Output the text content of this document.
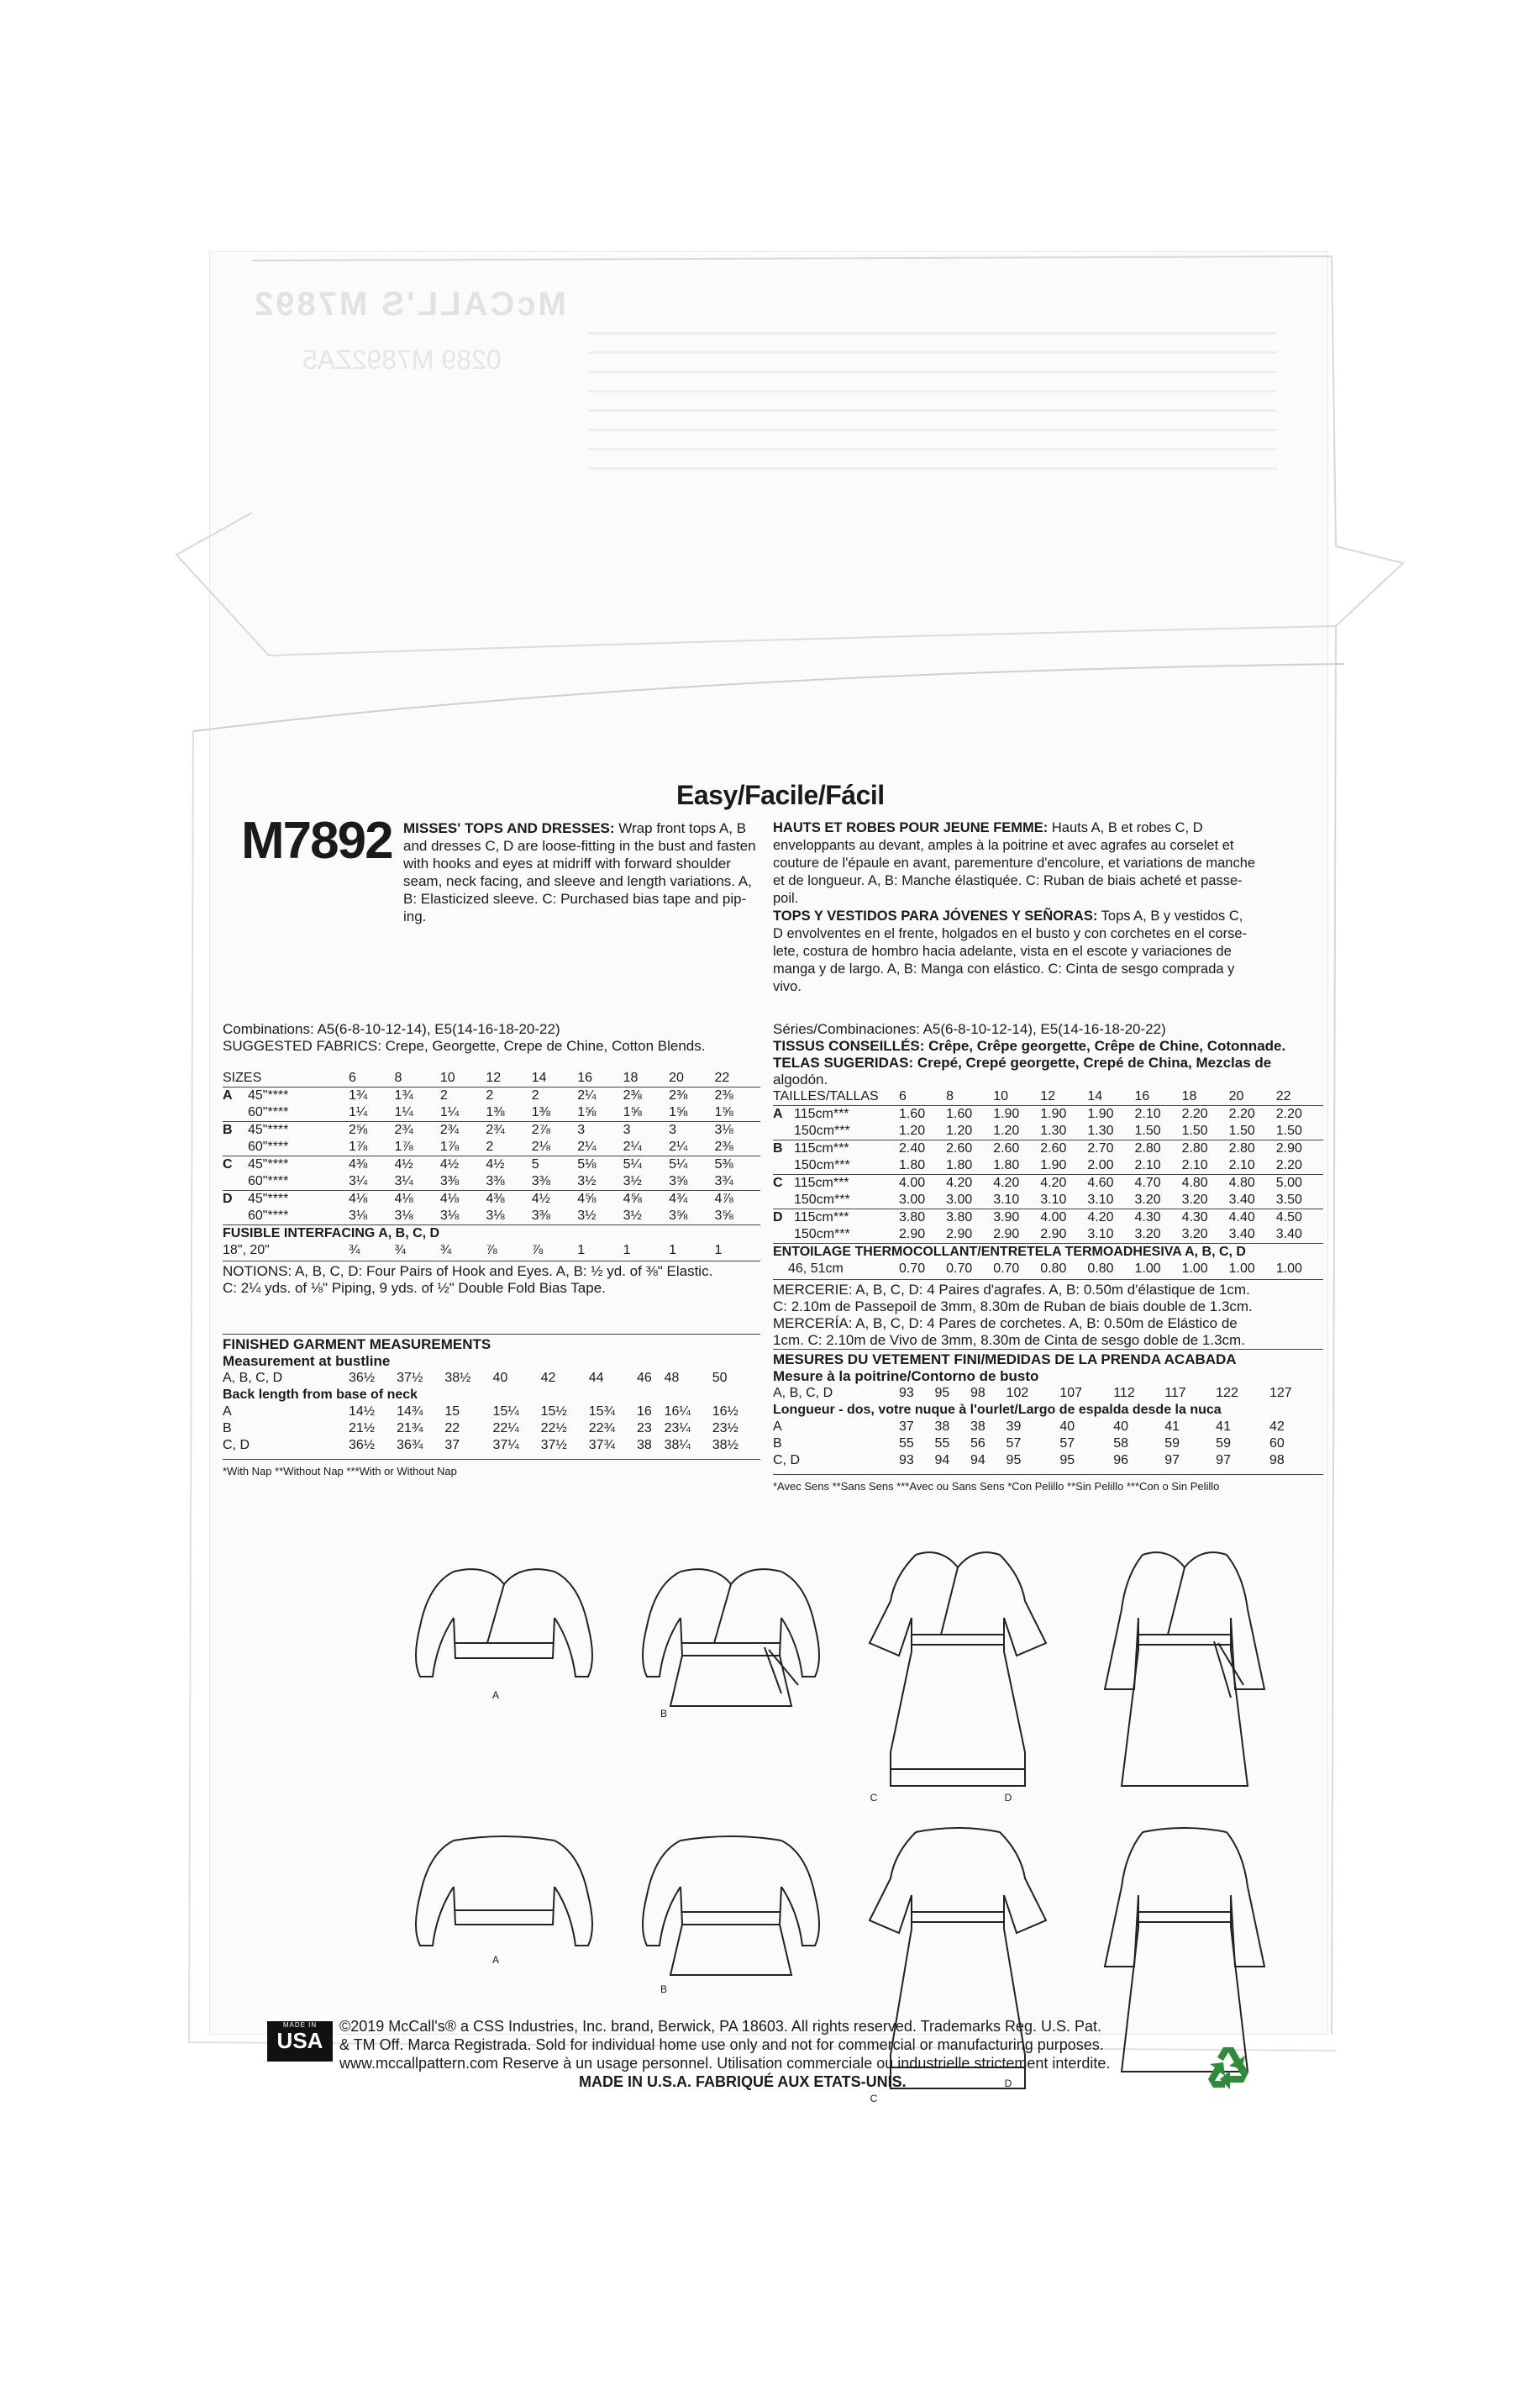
McCALL'S M7892
0289 M7892ZA5
Easy/Facile/Fácil
M7892 MISSES' TOPS AND DRESSES: Wrap front tops A, B
and dresses C, D are loose-fitting in the bust and fasten
with hooks and eyes at midriff with forward shoulder
seam, neck facing, and sleeve and length variations. A,
B: Elasticized sleeve. C: Purchased bias tape and pip-
ing.
HAUTS ET ROBES POUR JEUNE FEMME: Hauts A, B et robes C, D
enveloppants au devant, amples à la poitrine et avec agrafes au corselet et
couture de l'épaule en avant, parementure d'encolure, et variations de manche
et de longueur. A, B: Manche élastiquée. C: Ruban de biais acheté et passe-
poil.
TOPS Y VESTIDOS PARA JÓVENES Y SEÑORAS: Tops A, B y vestidos C,
D envolventes en el frente, holgados en el busto y con corchetes en el corse-
lete, costura de hombro hacia adelante, vista en el escote y variaciones de
manga y de largo. A, B: Manga con elástico. C: Cinta de sesgo comprada y
vivo.
Combinations: A5(6-8-10-12-14), E5(14-16-18-20-22)
SUGGESTED FABRICS: Crepe, Georgette, Crepe de Chine, Cotton Blends.
SIZES		6	8	10	12	14	16	18	20	22
A	45"****	1¾	1¾	2	2	2	2¼	2⅜	2⅜	2⅜
	60"****	1¼	1¼	1¼	1⅜	1⅜	1⅝	1⅝	1⅝	1⅝
B	45"****	2⅝	2¾	2¾	2¾	2⅞	3	3	3	3⅛
	60"****	1⅞	1⅞	1⅞	2	2⅛	2¼	2¼	2¼	2⅜
C	45"****	4⅜	4½	4½	4½	5	5⅛	5¼	5¼	5⅜
	60"****	3¼	3¼	3⅜	3⅜	3⅜	3½	3½	3⅝	3¾
D	45"****	4⅛	4⅛	4⅛	4⅜	4½	4⅝	4⅝	4¾	4⅞
	60"****	3⅛	3⅛	3⅛	3⅛	3⅜	3½	3½	3⅝	3⅝
FUSIBLE INTERFACING A, B, C, D										
18", 20"		¾	¾	¾	⅞	⅞	1	1	1	1
NOTIONS: A, B, C, D: Four Pairs of Hook and Eyes. A, B: ½ yd. of ⅜" Elastic.
C: 2¼ yds. of ⅛" Piping, 9 yds. of ½" Double Fold Bias Tape.
FINISHED GARMENT MEASUREMENTS
Measurement at bustline
A, B, C, D	36½	37½	38½	40	42	44	46	48	50
Back length from base of neck									
A	14½	14¾	15	15¼	15½	15¾	16	16¼	16½
B	21½	21¾	22	22¼	22½	22¾	23	23¼	23½
C, D	36½	36¾	37	37¼	37½	37¾	38	38¼	38½
*With Nap **Without Nap ***With or Without Nap
Séries/Combinaciones: A5(6-8-10-12-14), E5(14-16-18-20-22)
TISSUS CONSEILLÉS: Crêpe, Crêpe georgette, Crêpe de Chine, Cotonnade.
TELAS SUGERIDAS: Crepé, Crepé georgette, Crepé de China, Mezclas de
algodón.
TAILLES/TALLAS		6	8	10	12	14	16	18	20	22
A	115cm***	1.60	1.60	1.90	1.90	1.90	2.10	2.20	2.20	2.20
	150cm***	1.20	1.20	1.20	1.30	1.30	1.50	1.50	1.50	1.50
B	115cm***	2.40	2.60	2.60	2.60	2.70	2.80	2.80	2.80	2.90
	150cm***	1.80	1.80	1.80	1.90	2.00	2.10	2.10	2.10	2.20
C	115cm***	4.00	4.20	4.20	4.20	4.60	4.70	4.80	4.80	5.00
	150cm***	3.00	3.00	3.10	3.10	3.10	3.20	3.20	3.40	3.50
D	115cm***	3.80	3.80	3.90	4.00	4.20	4.30	4.30	4.40	4.50
	150cm***	2.90	2.90	2.90	2.90	3.10	3.20	3.20	3.40	3.40
ENTOILAGE THERMOCOLLANT/ENTRETELA TERMOADHESIVA A, B, C, D										
46, 51cm		0.70	0.70	0.70	0.80	0.80	1.00	1.00	1.00	1.00
MERCERIE: A, B, C, D: 4 Paires d'agrafes. A, B: 0.50m d'élastique de 1cm.
C: 2.10m de Passepoil de 3mm, 8.30m de Ruban de biais double de 1.3cm.
MERCERÍA: A, B, C, D: 4 Pares de corchetes. A, B: 0.50m de Elástico de
1cm. C: 2.10m de Vivo de 3mm, 8.30m de Cinta de sesgo doble de 1.3cm.
MESURES DU VETEMENT FINI/MEDIDAS DE LA PRENDA ACABADA
Mesure à la poitrine/Contorno de busto
A, B, C, D	93	95	98	102	107	112	117	122	127
Longueur - dos, votre nuque à l'ourlet/Largo de espalda desde la nuca									
A	37	38	38	39	40	40	41	41	42
B	55	55	56	57	57	58	59	59	60
C, D	93	94	94	95	95	96	97	97	98
*Avec Sens **Sans Sens ***Avec ou Sans Sens *Con Pelillo **Sin Pelillo ***Con o Sin Pelillo
A
B
C	D
A
B
C
D
MADE IN
USA
©2019 McCall's® a CSS Industries, Inc. brand, Berwick, PA 18603. All rights reserved. Trademarks Reg. U.S. Pat.
& TM Off. Marca Registrada. Sold for individual home use only and not for commercial or manufacturing purposes.
www.mccallpattern.com Reserve à un usage personnel. Utilisation commerciale ou industrielle strictement interdite.
MADE IN U.S.A. FABRIQUÉ AUX ETATS-UNIS.
